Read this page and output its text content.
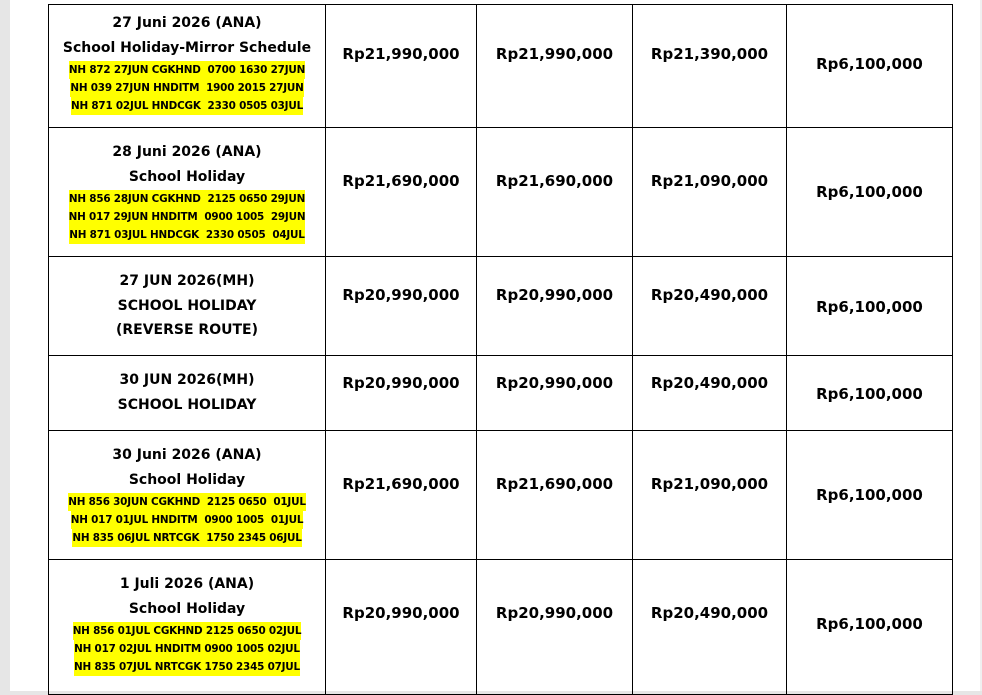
27 Juni 2026 (ANA)
School Holiday-Mirror Schedule
NH 872 27JUN CGKHND  0700 1630 27JUN
NH 039 27JUN HNDITM  1900 2015 27JUN
NH 871 02JUL HNDCGK  2330 0505 03JUL	Rp21,990,000	Rp21,990,000	Rp21,390,000	Rp6,100,000

28 Juni 2026 (ANA)
School Holiday
NH 856 28JUN CGKHND  2125 0650 29JUN
NH 017 29JUN HNDITM  0900 1005  29JUN
NH 871 03JUL HNDCGK  2330 0505  04JUL	Rp21,690,000	Rp21,690,000	Rp21,090,000	Rp6,100,000

27 JUN 2026(MH)
SCHOOL HOLIDAY
(REVERSE ROUTE)	Rp20,990,000	Rp20,990,000	Rp20,490,000	Rp6,100,000

30 JUN 2026(MH)
SCHOOL HOLIDAY	Rp20,990,000	Rp20,990,000	Rp20,490,000	Rp6,100,000

30 Juni 2026 (ANA)
School Holiday
NH 856 30JUN CGKHND  2125 0650  01JUL
NH 017 01JUL HNDITM  0900 1005  01JUL
NH 835 06JUL NRTCGK  1750 2345 06JUL	Rp21,690,000	Rp21,690,000	Rp21,090,000	Rp6,100,000

1 Juli 2026 (ANA)
School Holiday
NH 856 01JUL CGKHND 2125 0650 02JUL
NH 017 02JUL HNDITM 0900 1005 02JUL
NH 835 07JUL NRTCGK 1750 2345 07JUL	Rp20,990,000	Rp20,990,000	Rp20,490,000	Rp6,100,000
